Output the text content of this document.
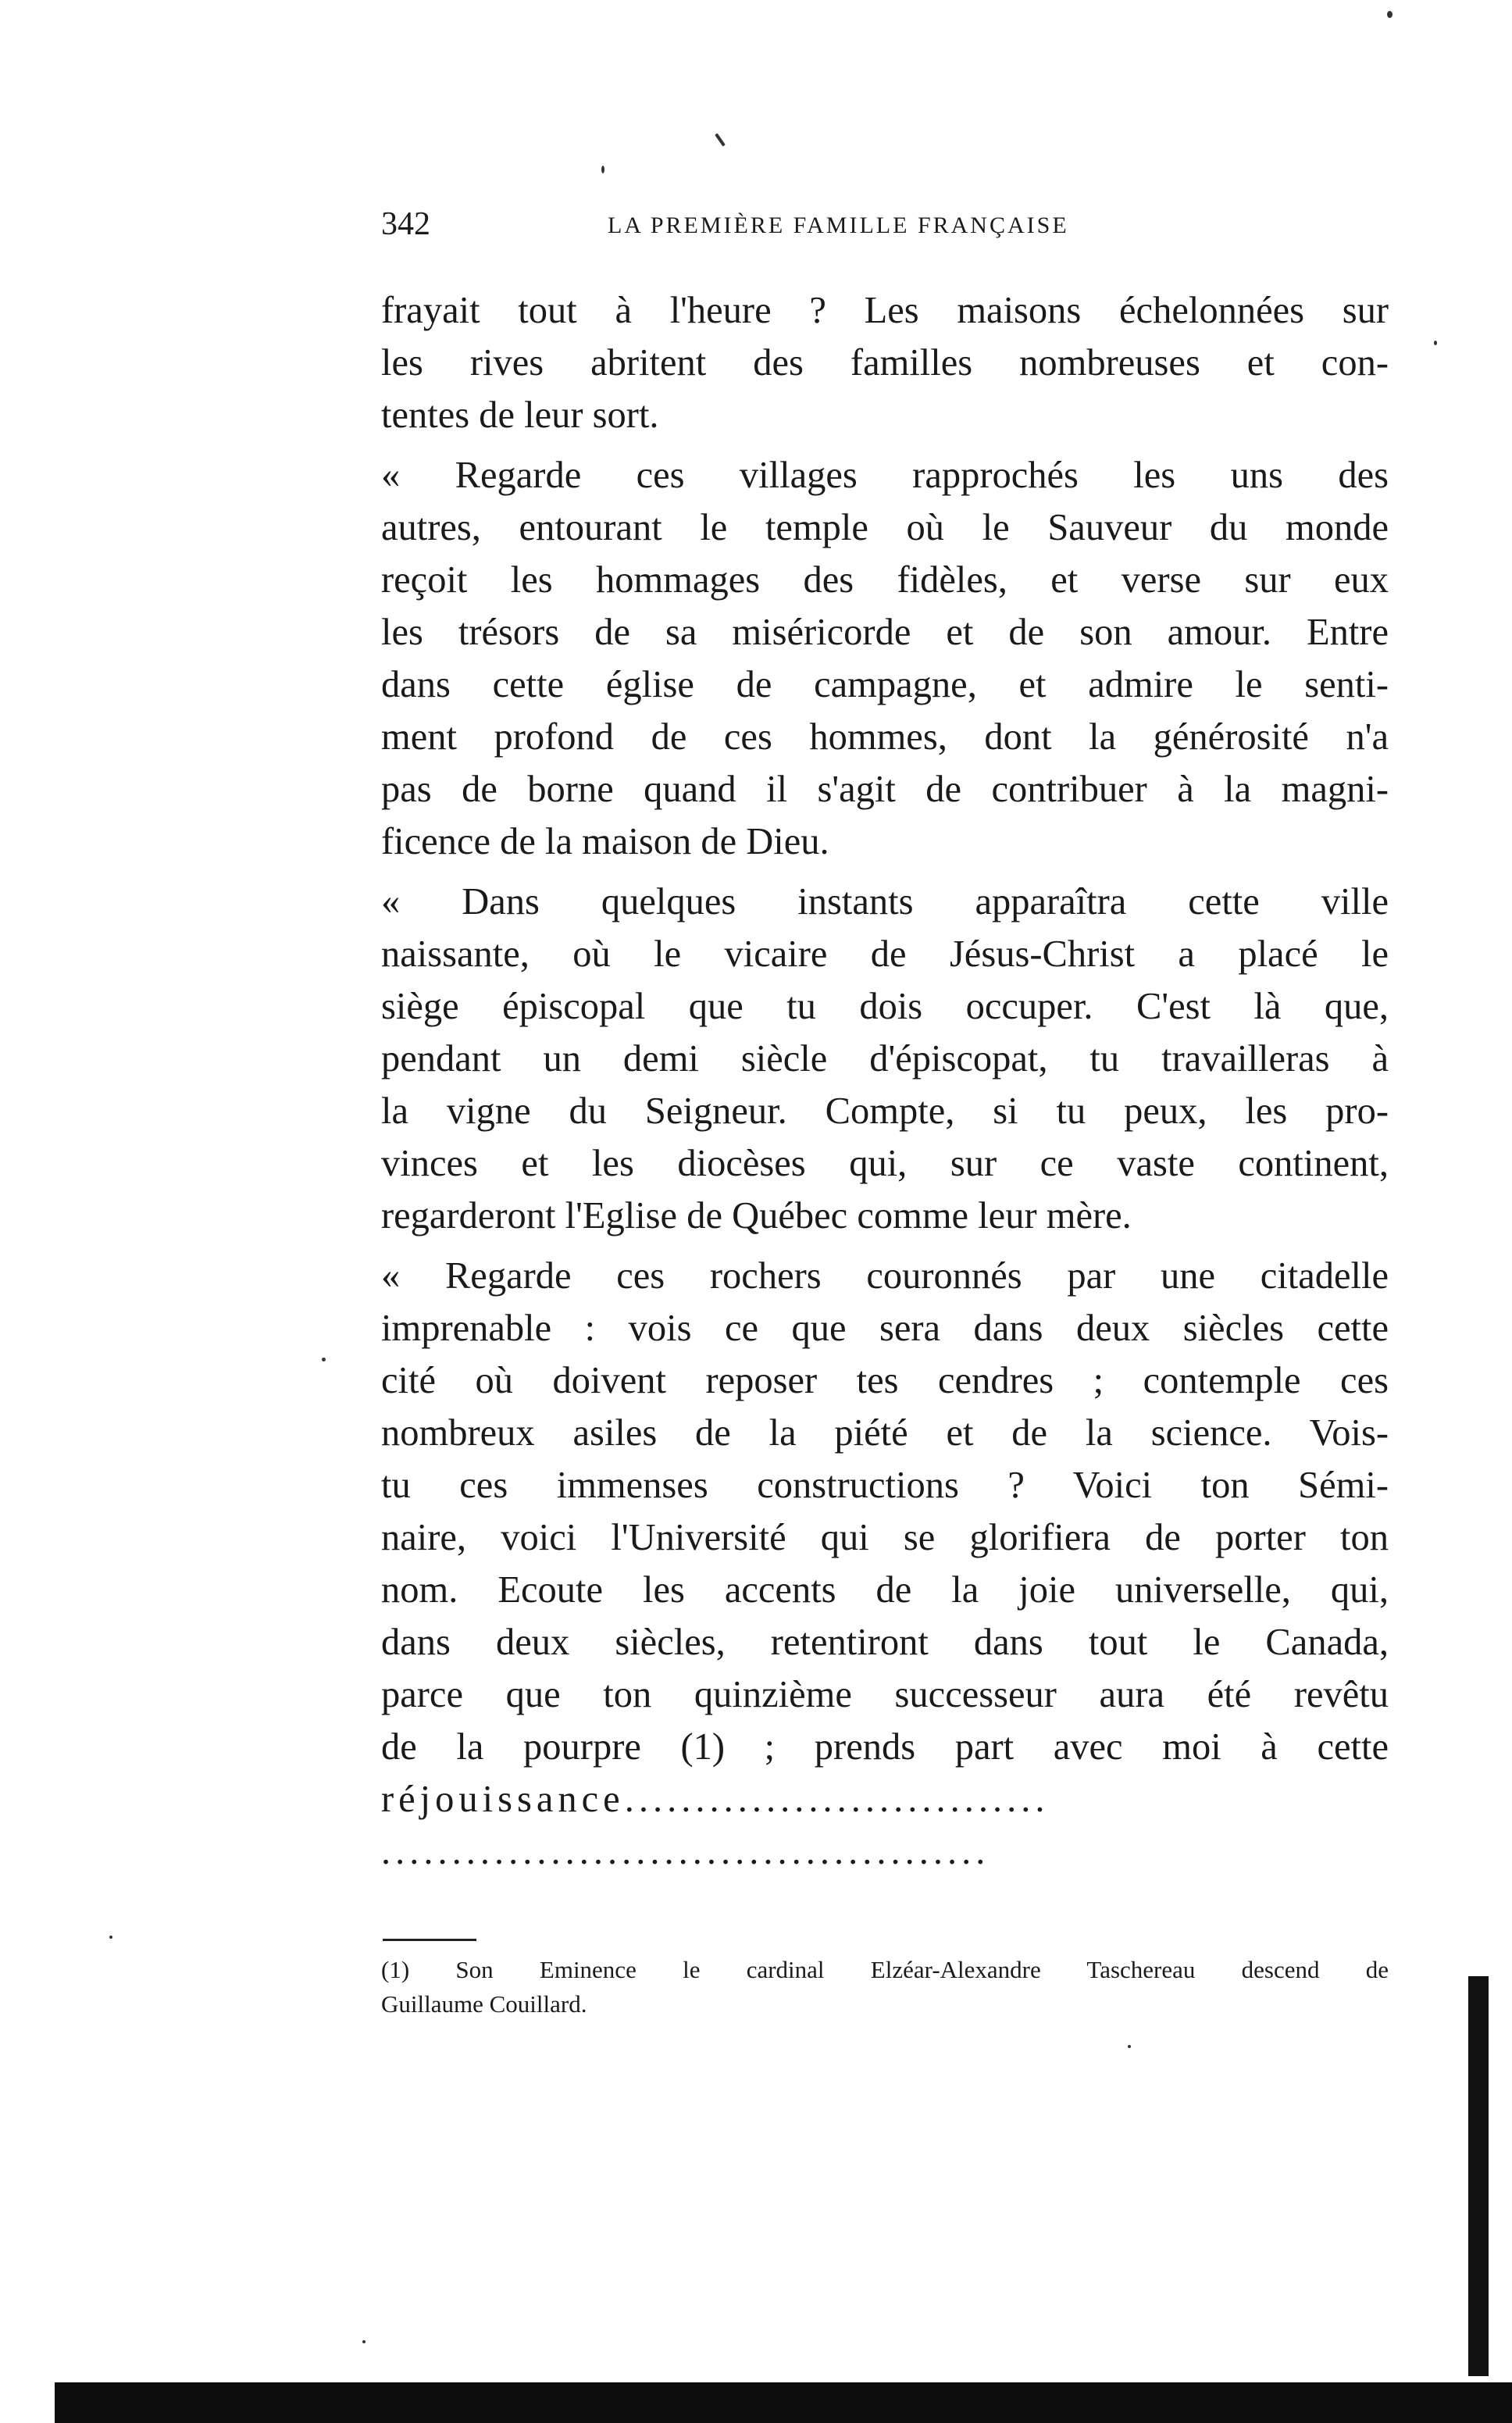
342	LA PREMIÈRE FAMILLE FRANÇAISE
frayait tout à l'heure ? Les maisons échelonnées sur
les rives abritent des familles nombreuses et con-
tentes de leur sort.
« Regarde ces villages rapprochés les uns des
autres, entourant le temple où le Sauveur du monde
reçoit les hommages des fidèles, et verse sur eux
les trésors de sa miséricorde et de son amour. Entre
dans cette église de campagne, et admire le senti-
ment profond de ces hommes, dont la générosité n'a
pas de borne quand il s'agit de contribuer à la magni-
ficence de la maison de Dieu.
« Dans quelques instants apparaîtra cette ville
naissante, où le vicaire de Jésus-Christ a placé le
siège épiscopal que tu dois occuper. C'est là que,
pendant un demi siècle d'épiscopat, tu travailleras à
la vigne du Seigneur. Compte, si tu peux, les pro-
vinces et les diocèses qui, sur ce vaste continent,
regarderont l'Eglise de Québec comme leur mère.
« Regarde ces rochers couronnés par une citadelle
imprenable : vois ce que sera dans deux siècles cette
cité où doivent reposer tes cendres ; contemple ces
nombreux asiles de la piété et de la science. Vois-
tu ces immenses constructions ? Voici ton Sémi-
naire, voici l'Université qui se glorifiera de porter ton
nom. Ecoute les accents de la joie universelle, qui,
dans deux siècles, retentiront dans tout le Canada,
parce que ton quinzième successeur aura été revêtu
de la pourpre (1) ; prends part avec moi à cette
réjouissance..............................
...........................................
(1) Son Eminence le cardinal Elzéar-Alexandre Taschereau descend de
Guillaume Couillard.
